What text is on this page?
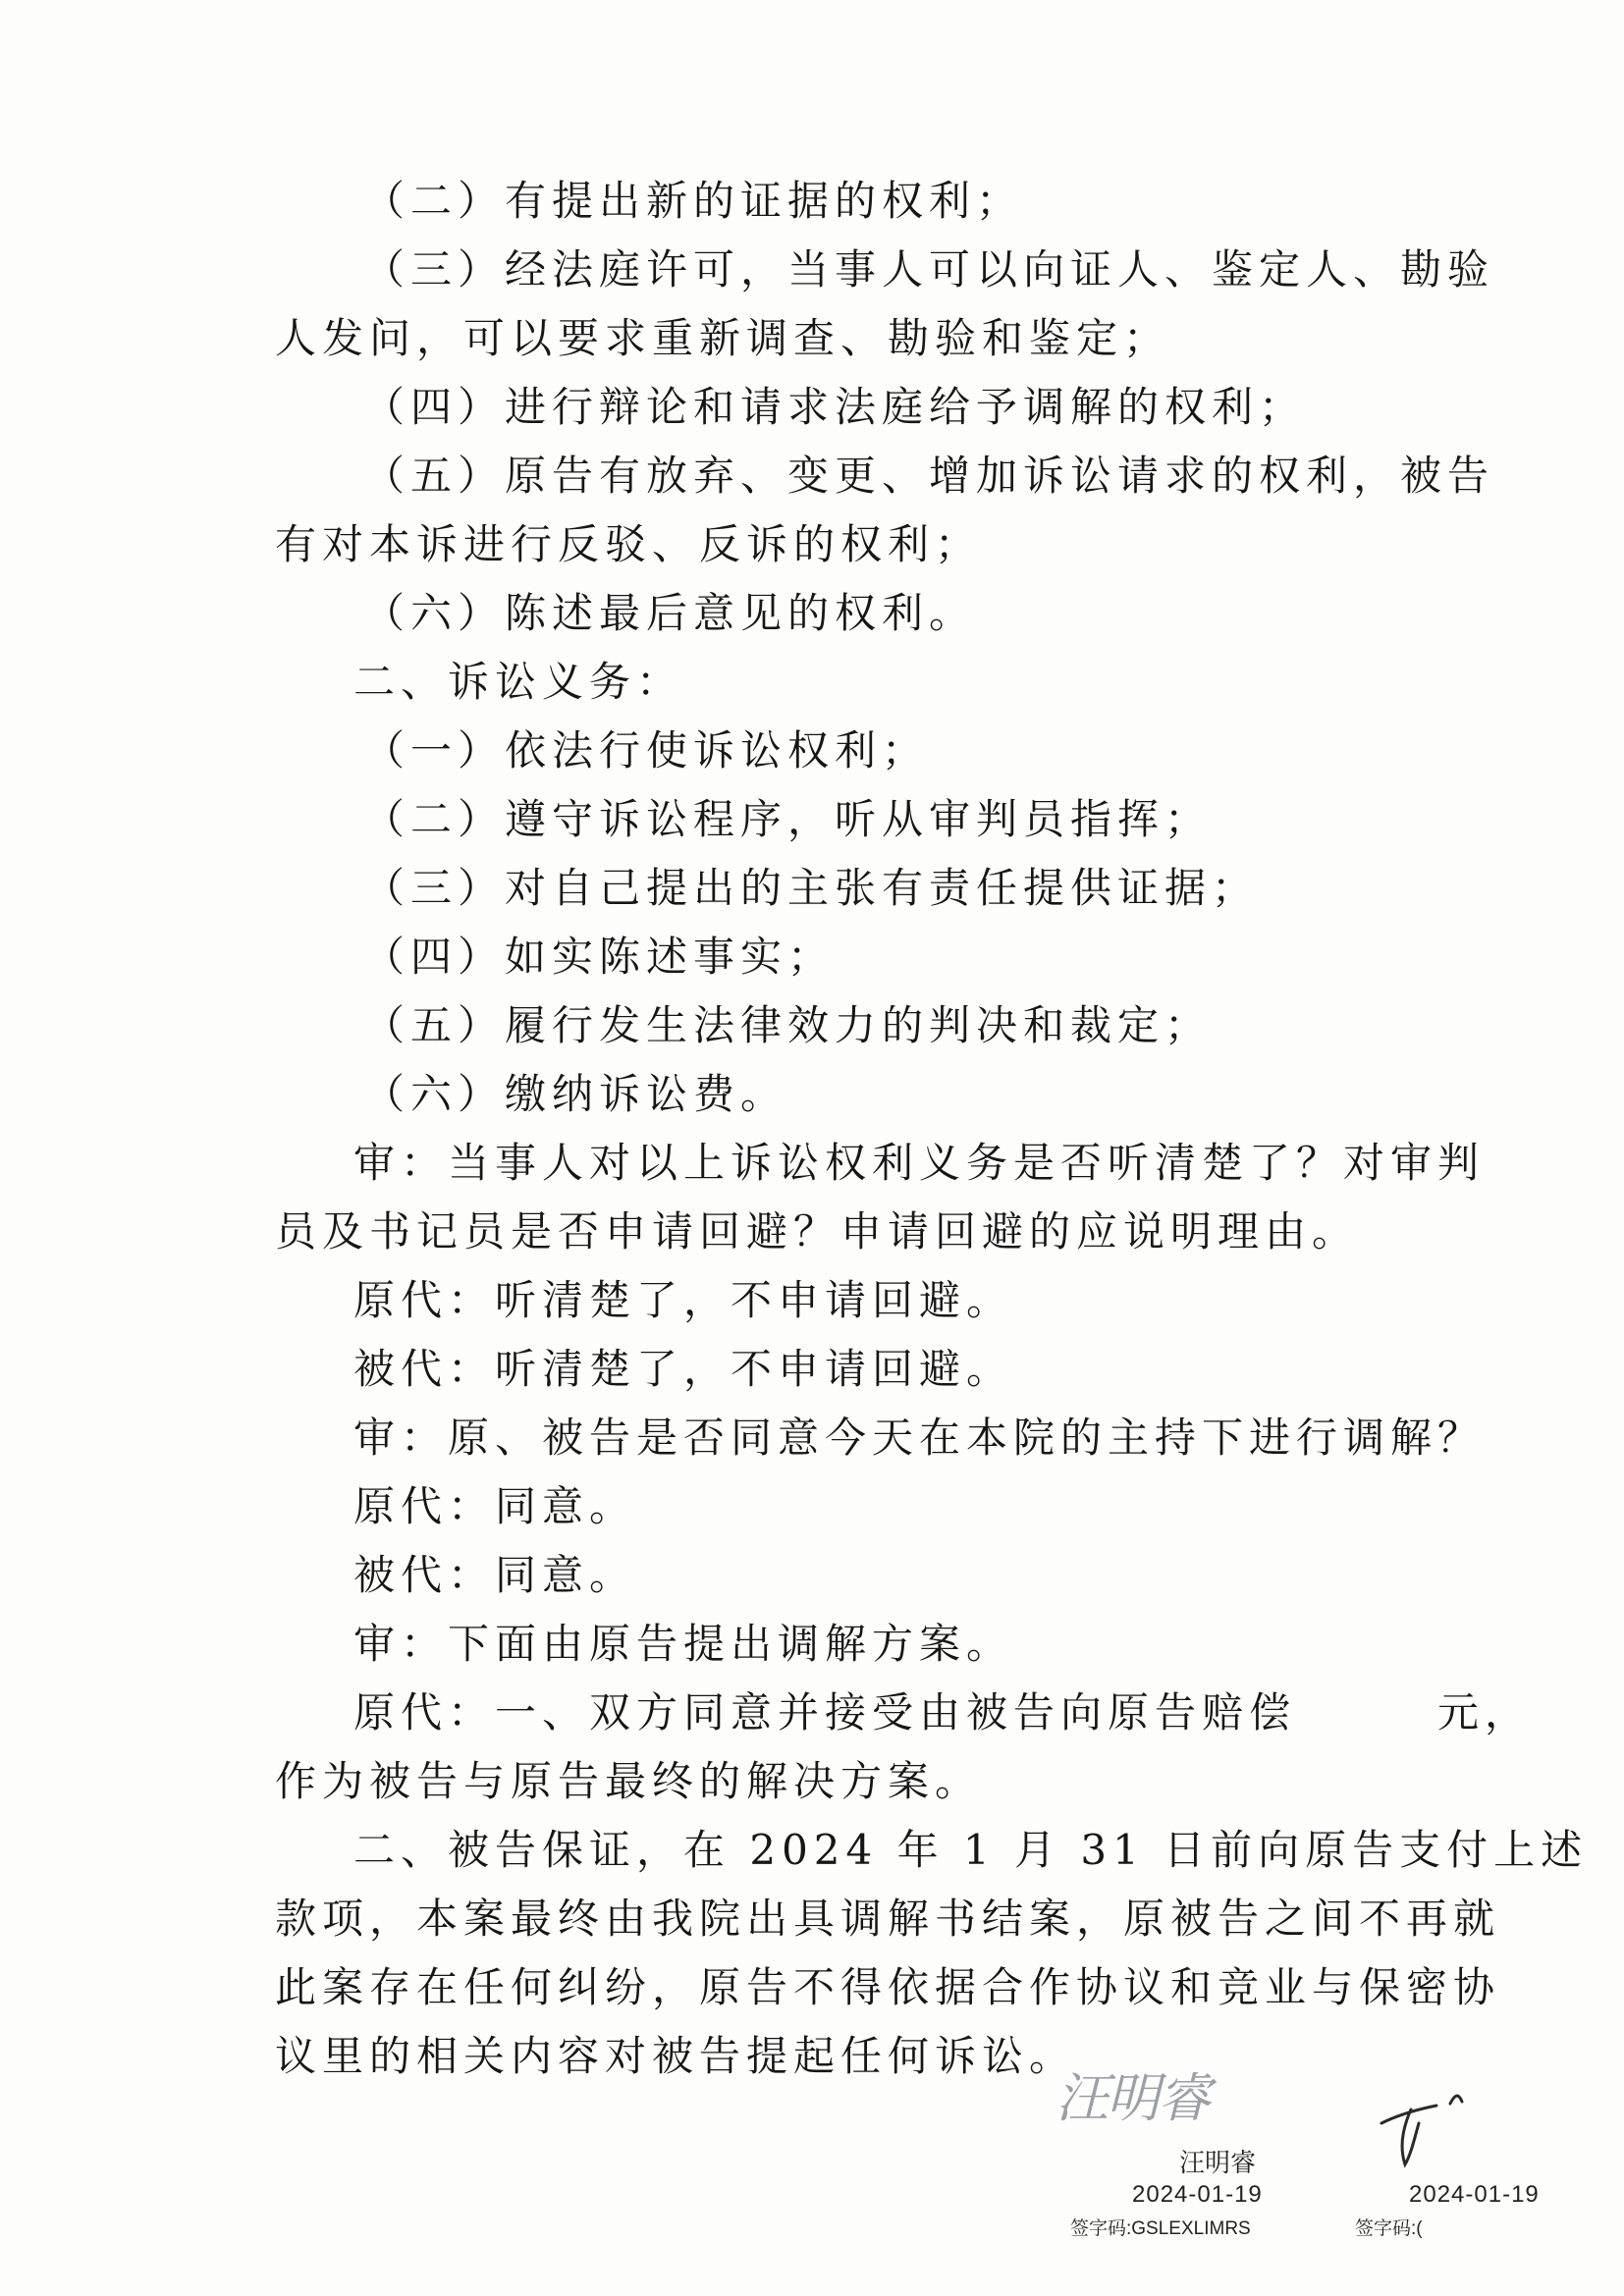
（二）有提出新的证据的权利；
（三）经法庭许可，当事人可以向证人、鉴定人、勘验
人发问，可以要求重新调查、勘验和鉴定；
（四）进行辩论和请求法庭给予调解的权利；
（五）原告有放弃、变更、增加诉讼请求的权利，被告
有对本诉进行反驳、反诉的权利；
（六）陈述最后意见的权利。
二、诉讼义务：
（一）依法行使诉讼权利；
（二）遵守诉讼程序，听从审判员指挥；
（三）对自己提出的主张有责任提供证据；
（四）如实陈述事实；
（五）履行发生法律效力的判决和裁定；
（六）缴纳诉讼费。
审：当事人对以上诉讼权利义务是否听清楚了？对审判
员及书记员是否申请回避？申请回避的应说明理由。
原代：听清楚了，不申请回避。
被代：听清楚了，不申请回避。
审：原、被告是否同意今天在本院的主持下进行调解？
原代：同意。
被代：同意。
审：下面由原告提出调解方案。
原代：一、双方同意并接受由被告向原告赔偿　　　元，
作为被告与原告最终的解决方案。
二、被告保证，在 2024 年 1 月 31 日前向原告支付上述
款项，本案最终由我院出具调解书结案，原被告之间不再就
此案存在任何纠纷，原告不得依据合作协议和竞业与保密协
议里的相关内容对被告提起任何诉讼。
汪明睿
汪明睿
2024-01-19
签字码:GSLEXLIMRS
2024-01-19
签字码:(
